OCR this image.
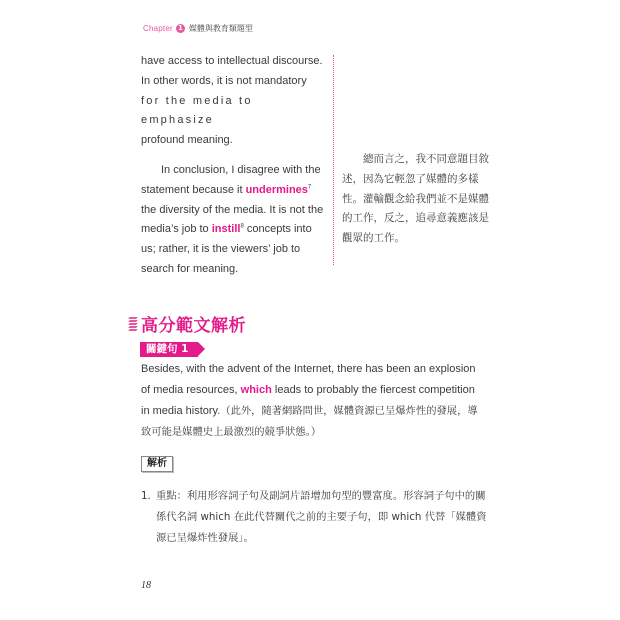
Chapter 1 媒體與教育類題型

have access to intellectual discourse.

In other words, it is not mandatory

for the media to emphasize

profound meaning.

In conclusion, I disagree with the statement because it undermines$^7$ the diversity of the media. It is not the media’s job to instill$^8$ concepts into us; rather, it is the viewers’ job to search for meaning.

總而言之，我不同意題目敘述，因為它輕忽了媒體的多樣性。灌輸觀念給我們並不是媒體的工作，反之，追尋意義應該是觀眾的工作。

高分範文解析
關鍵句 1

Besides, with the advent of the Internet, there has been an explosion of media resources, which leads to probably the fiercest competition in media history.（此外，隨著網路問世，媒體資源已呈爆炸性的發展，導致可能是媒體史上最激烈的競爭狀態。）

解析
1. 重點：利用形容詞子句及副詞片語增加句型的豐富度。形容詞子句中的關係代名詞 which 在此代替關代之前的主要子句，即 which 代替「媒體資源已呈爆炸性發展」。
18
